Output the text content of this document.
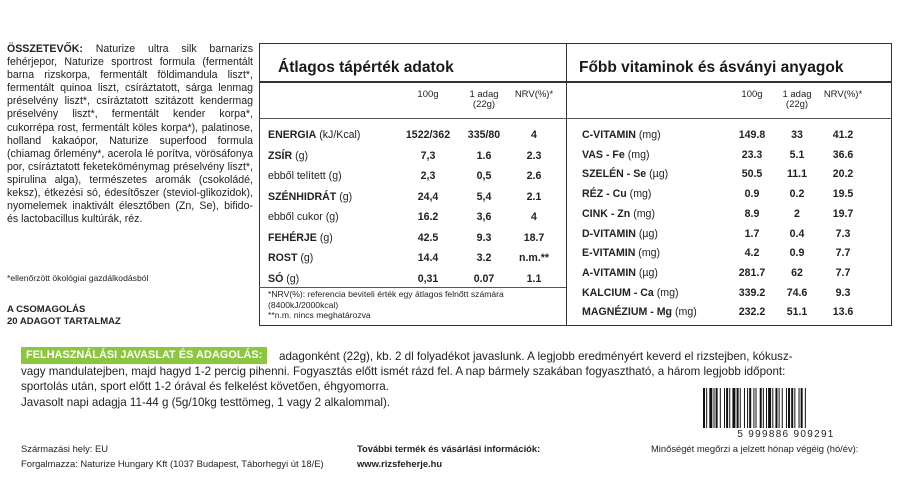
ÖSSZETEVŐK: Naturize ultra silk barnarizs fehérjepor, Naturize sportrost formula (fermentált barna rizskorpa, fermentált földimandula liszt*, fermentált quinoa liszt, csíráztatott, sárga lenmag préselvény liszt*, csíráztatott szitázott kendermag préselvény liszt*, fermentált kender korpa*, cukorrépa rost, fermentált köles korpa*), palatinose, holland kakaópor, Naturize superfood formula (chiamag őrlemény*, acerola lé porítva, vörösáfonya por, csíráztatott feketeköménymag préselvény liszt*, spirulina alga), természetes aromák (csokoládé, keksz), étkezési só, édesítőszer (steviol-glikozidok), nyomelemek inaktivált élesztőben (Zn, Se), bifido- és lactobacillus kultúrák, réz.
*ellenőrzött ökológiai gazdálkodásból
A CSOMAGOLÁS
20 ADAGOT TARTALMAZ
Átlagos tápérték adatok
100g	1 adag
(22g)
NRV(%)*
ENERGIA (kJ/Kcal)	1522/362	335/80	4
ZSÍR (g)	7,3	1.6	2.3
ebből telített (g)	2,3	0,5	2.6
SZÉNHIDRÁT (g)	24,4	5,4	2.1
ebből cukor (g)	16.2	3,6	4
FEHÉRJE (g)	42.5	9.3	18.7
ROST (g)	14.4	3.2	n.m.**
SÓ (g)	0,31	0.07	1.1
*NRV(%): referencia beviteli érték egy átlagos felnőtt számára
(8400kJ/2000kcal)
**n.m. nincs meghatározva
Főbb vitaminok és ásványi anyagok
100g	1 adag
(22g)
NRV(%)*
C-VITAMIN (mg)	149.8	33	41.2
VAS - Fe (mg)	23.3	5.1	36.6
SZELÉN - Se (µg)	50.5	11.1	20.2
RÉZ - Cu (mg)	0.9	0.2	19.5
CINK - Zn (mg)	8.9	2	19.7
D-VITAMIN (µg)	1.7	0.4	7.3
E-VITAMIN (mg)	4.2	0.9	7.7
A-VITAMIN (µg)	281.7	62	7.7
KALCIUM - Ca (mg)	339.2	74.6	9.3
MAGNÉZIUM - Mg (mg)	232.2	51.1	13.6
adagonként (22g), kb. 2 dl folyadékot javaslunk. A legjobb eredményért keverd el rizstejben, kókusz-
vagy mandulatejben, majd hagyd 1-2 percig pihenni. Fogyasztás előtt ismét rázd fel. A nap bármely szakában fogyasztható, a három legjobb időpont:
sportolás után, sport előtt 1-2 órával és felkelést követően, éhgyomorra.
Javasolt napi adagja 11-44 g (5g/10kg testtömeg, 1 vagy 2 alkalommal).
FELHASZNÁLÁSI JAVASLAT ÉS ADAGOLÁS:
5 999886 909291
Származási hely: EU
Forgalmazza: Naturize Hungary Kft (1037 Budapest, Táborhegyi út 18/E)
További termék és vásárlási információk:
www.rizsfeherje.hu
Minőségét megőrzi a jelzett hónap végéig (hó/év):
